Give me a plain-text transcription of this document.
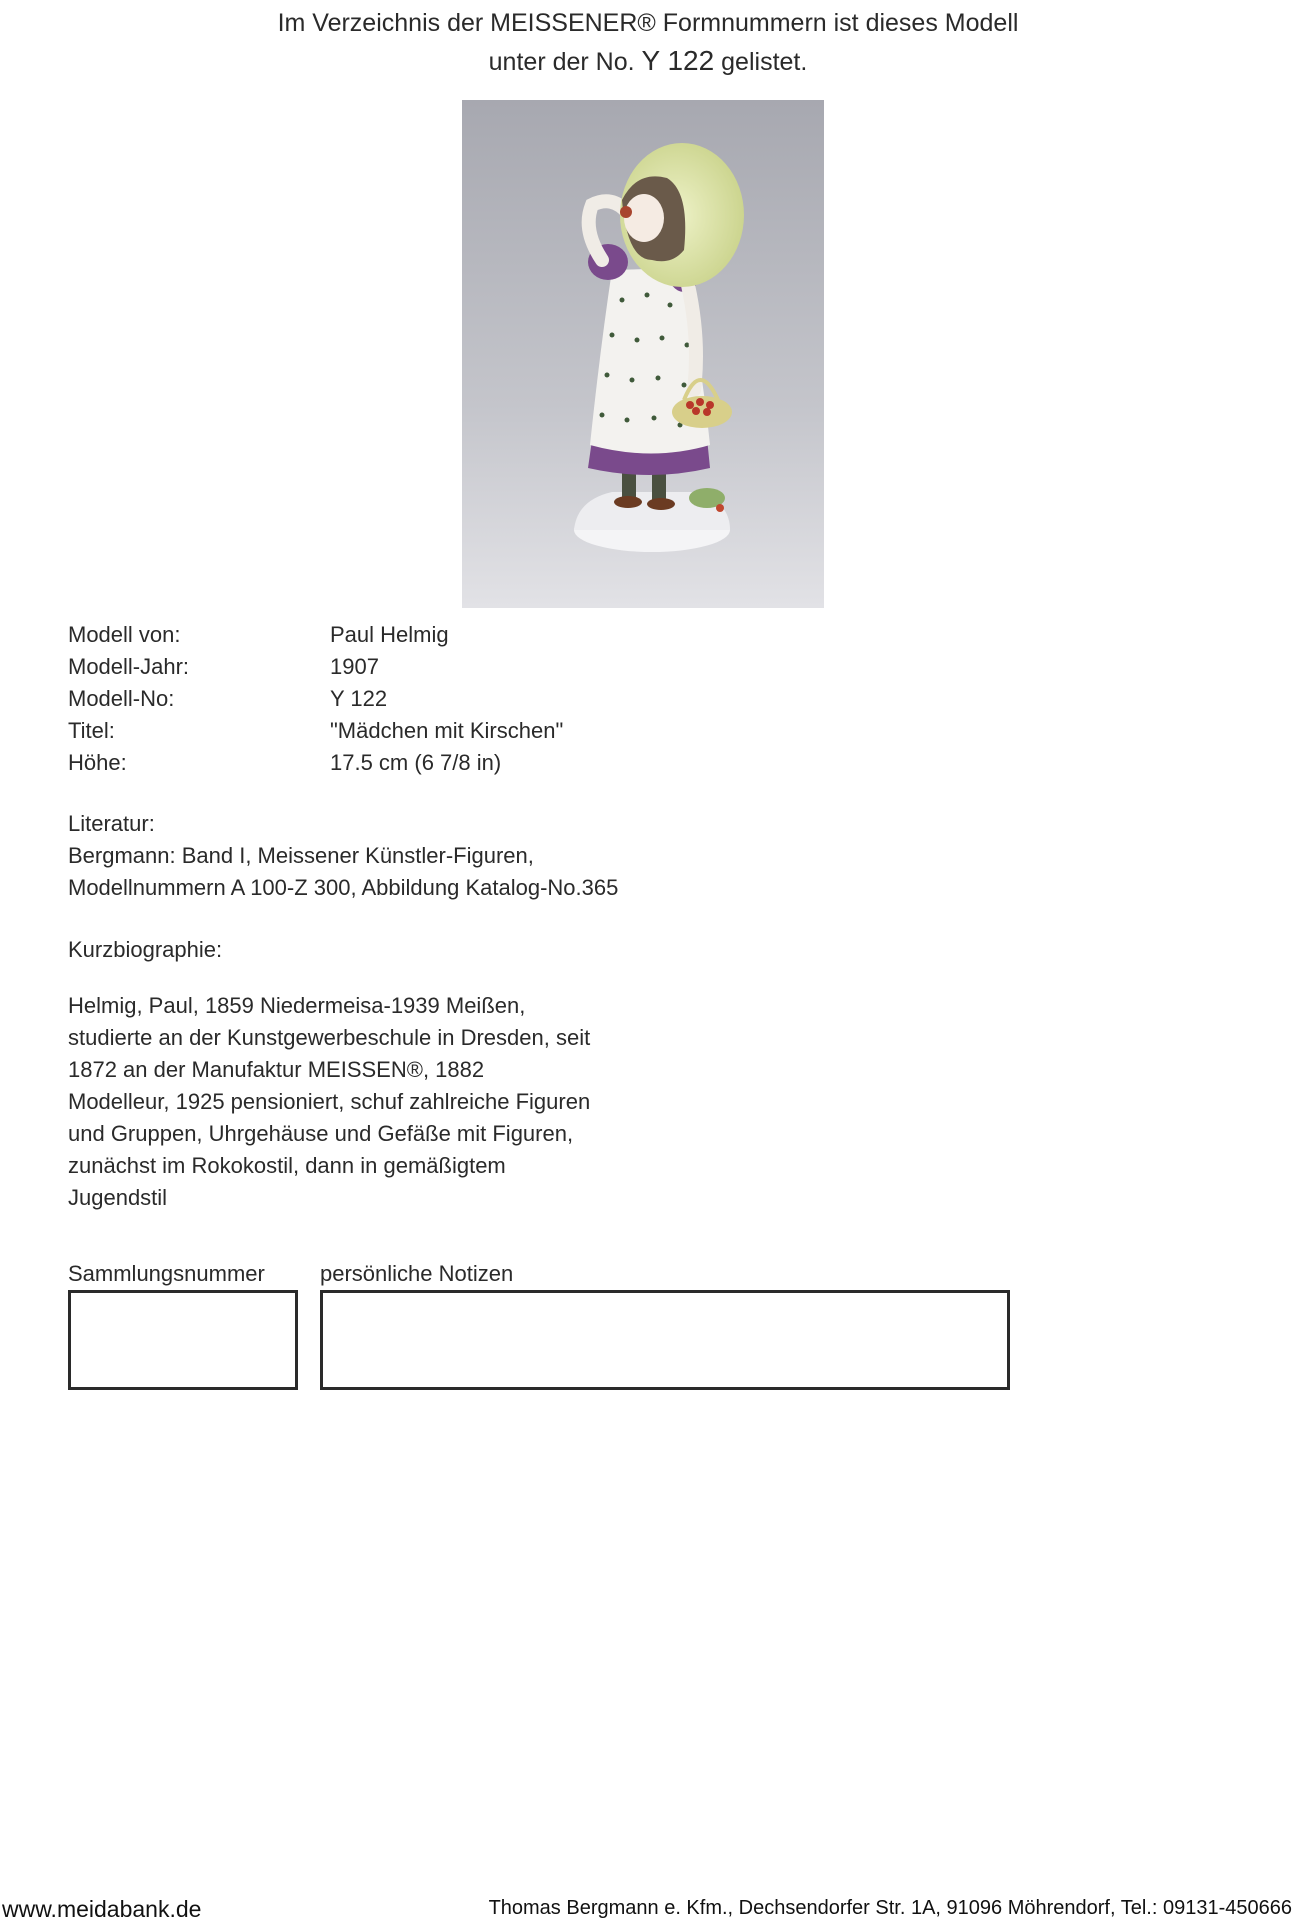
Im Verzeichnis der MEISSENER® Formnummern ist dieses Modell
unter der No. Y 122 gelistet.
Modell von:	Paul Helmig
Modell-Jahr:	1907
Modell-No:	Y 122
Titel:	"Mädchen mit Kirschen"
Höhe:	17.5 cm (6 7/8 in)
Literatur:
Bergmann: Band I, Meissener Künstler-Figuren,
Modellnummern A 100-Z 300, Abbildung Katalog-No.365
Kurzbiographie:
Helmig, Paul, 1859 Niedermeisa-1939 Meißen,
studierte an der Kunstgewerbeschule in Dresden, seit
1872 an der Manufaktur MEISSEN®, 1882
Modelleur, 1925 pensioniert, schuf zahlreiche Figuren
und Gruppen, Uhrgehäuse und Gefäße mit Figuren,
zunächst im Rokokostil, dann in gemäßigtem
Jugendstil
Sammlungsnummer	persönliche Notizen
www.meidabank.de	Thomas Bergmann e. Kfm., Dechsendorfer Str. 1A, 91096 Möhrendorf, Tel.: 09131-450666
